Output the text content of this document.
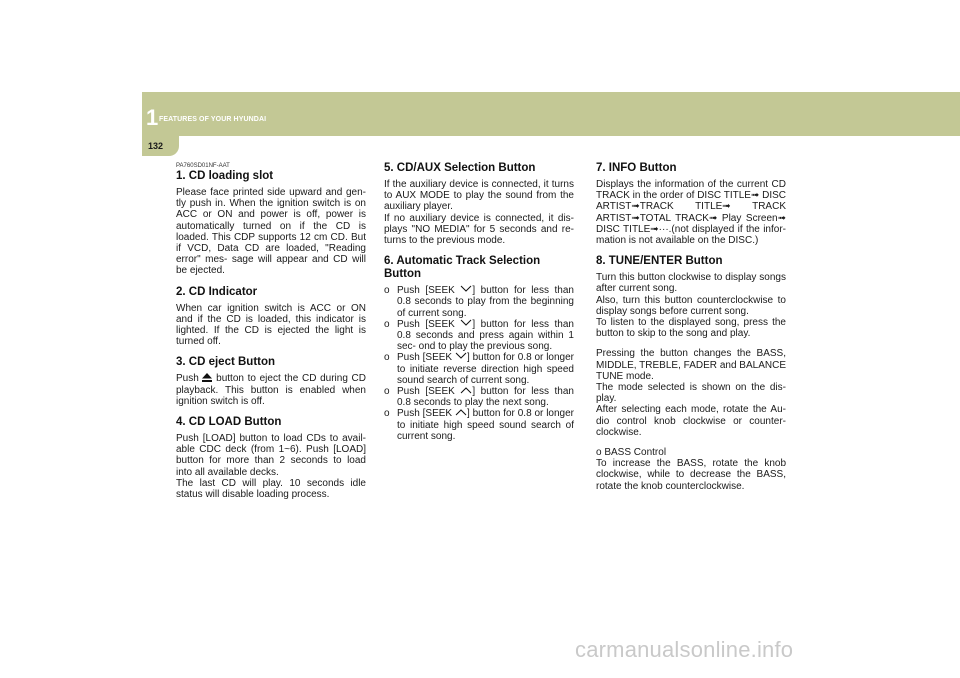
1 FEATURES OF YOUR HYUNDAI
132
PA760SD01NF-AAT
1. CD loading slot

Please face printed side upward and gen- tly push in. When the ignition switch is on ACC or ON and power is off, power is automatically turned on if the CD is loaded. This CDP supports 12 cm CD. But if VCD, Data CD are loaded, "Reading error" mes- sage will appear and CD will be ejected.

2. CD Indicator

When car ignition switch is ACC or ON and if the CD is loaded, this indicator is lighted. If the CD is ejected the light is turned off.

3. CD eject Button

Push button to eject the CD during CD playback. This button is enabled when ignition switch is off.

4. CD LOAD Button

Push [LOAD] button to load CDs to avail- able CDC deck (from 1~6). Push [LOAD] button for more than 2 seconds to load into all available decks.

The last CD will play. 10 seconds idle status will disable loading process.

5. CD/AUX Selection Button

If the auxiliary device is connected, it turns to AUX MODE to play the sound from the auxiliary player.

If no auxiliary device is connected, it dis- plays "NO MEDIA" for 5 seconds and re- turns to the previous mode.

6. Automatic Track Selection Button
o Push [SEEK ] button for less than 0.8 seconds to play from the beginning of current song.
o Push [SEEK ] button for less than 0.8 seconds and press again within 1 sec- ond to play the previous song.
o Push [SEEK ] button for 0.8 or longer to initiate reverse direction high speed sound search of current song.
o Push [SEEK ] button for less than 0.8 seconds to play the next song.
o Push [SEEK ] button for 0.8 or longer to initiate high speed sound search of current song.
7. INFO Button

Displays the information of the current CD TRACK in the order of DISC TITLE➟ DISC ARTIST➟TRACK TITLE➟ TRACK ARTIST➟TOTAL TRACK➟ Play Screen➟ DISC TITLE➟···.(not displayed if the infor- mation is not available on the DISC.)

8. TUNE/ENTER Button

Turn this button clockwise to display songs after current song.

Also, turn this button counterclockwise to display songs before current song.

To listen to the displayed song, press the button to skip to the song and play.

Pressing the button changes the BASS, MIDDLE, TREBLE, FADER and BALANCE TUNE mode.

The mode selected is shown on the dis- play.

After selecting each mode, rotate the Au- dio control knob clockwise or counter- clockwise.

o BASS Control

To increase the BASS, rotate the knob clockwise, while to decrease the BASS, rotate the knob counterclockwise.

carmanualsonline.info
